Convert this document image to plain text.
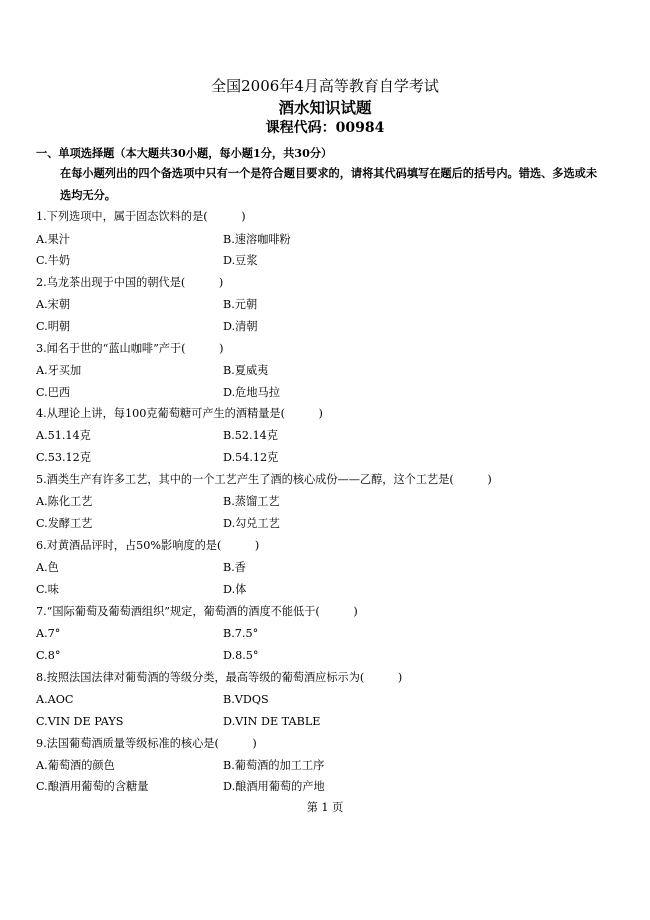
全国2006年4月高等教育自学考试
酒水知识试题
课程代码：00984
一、单项选择题（本大题共30小题，每小题1分，共30分）
在每小题列出的四个备选项中只有一个是符合题目要求的，请将其代码填写在题后的括号内。错选、多选或未
选均无分。
1.下列选项中，属于固态饮料的是(　　　)
A.果汁	B.速溶咖啡粉
C.牛奶	D.豆浆
2.乌龙茶出现于中国的朝代是(　　　)
A.宋朝	B.元朝
C.明朝	D.清朝
3.闻名于世的“蓝山咖啡”产于(　　　)
A.牙买加	B.夏威夷
C.巴西	D.危地马拉
4.从理论上讲，每100克葡萄糖可产生的酒精量是(　　　)
A.51.14克	B.52.14克
C.53.12克	D.54.12克
5.酒类生产有许多工艺，其中的一个工艺产生了酒的核心成份——乙醇，这个工艺是(　　　)
A.陈化工艺	B.蒸馏工艺
C.发酵工艺	D.勾兑工艺
6.对黄酒品评时，占50%影响度的是(　　　)
A.色	B.香
C.味	D.体
7.“国际葡萄及葡萄酒组织”规定，葡萄酒的酒度不能低于(　　　)
A.7°	B.7.5°
C.8°	D.8.5°
8.按照法国法律对葡萄酒的等级分类，最高等级的葡萄酒应标示为(　　　)
A.AOC	B.VDQS
C.VIN DE PAYS	D.VIN DE TABLE
9.法国葡萄酒质量等级标准的核心是(　　　)
A.葡萄酒的颜色	B.葡萄酒的加工工序
C.酿酒用葡萄的含糖量	D.酿酒用葡萄的产地
第 1 页
